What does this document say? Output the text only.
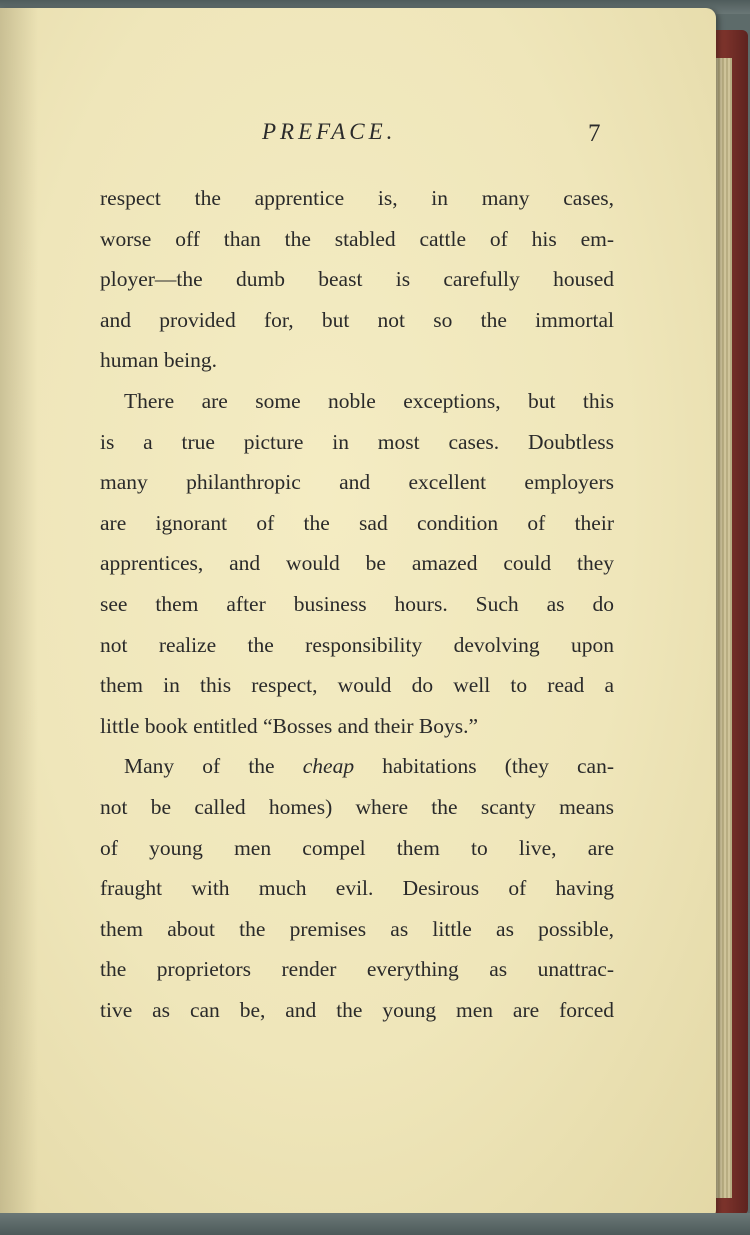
PREFACE.	7
respect the apprentice is, in many cases,
worse off than the stabled cattle of his em-
ployer—the dumb beast is carefully housed
and provided for, but not so the immortal
human being.
There are some noble exceptions, but this
is a true picture in most cases. Doubtless
many philanthropic and excellent employers
are ignorant of the sad condition of their
apprentices, and would be amazed could they
see them after business hours. Such as do
not realize the responsibility devolving upon
them in this respect, would do well to read a
little book entitled “Bosses and their Boys.”
Many of the cheap habitations (they can-
not be called homes) where the scanty means
of young men compel them to live, are
fraught with much evil. Desirous of having
them about the premises as little as possible,
the proprietors render everything as unattrac-
tive as can be, and the young men are forced
